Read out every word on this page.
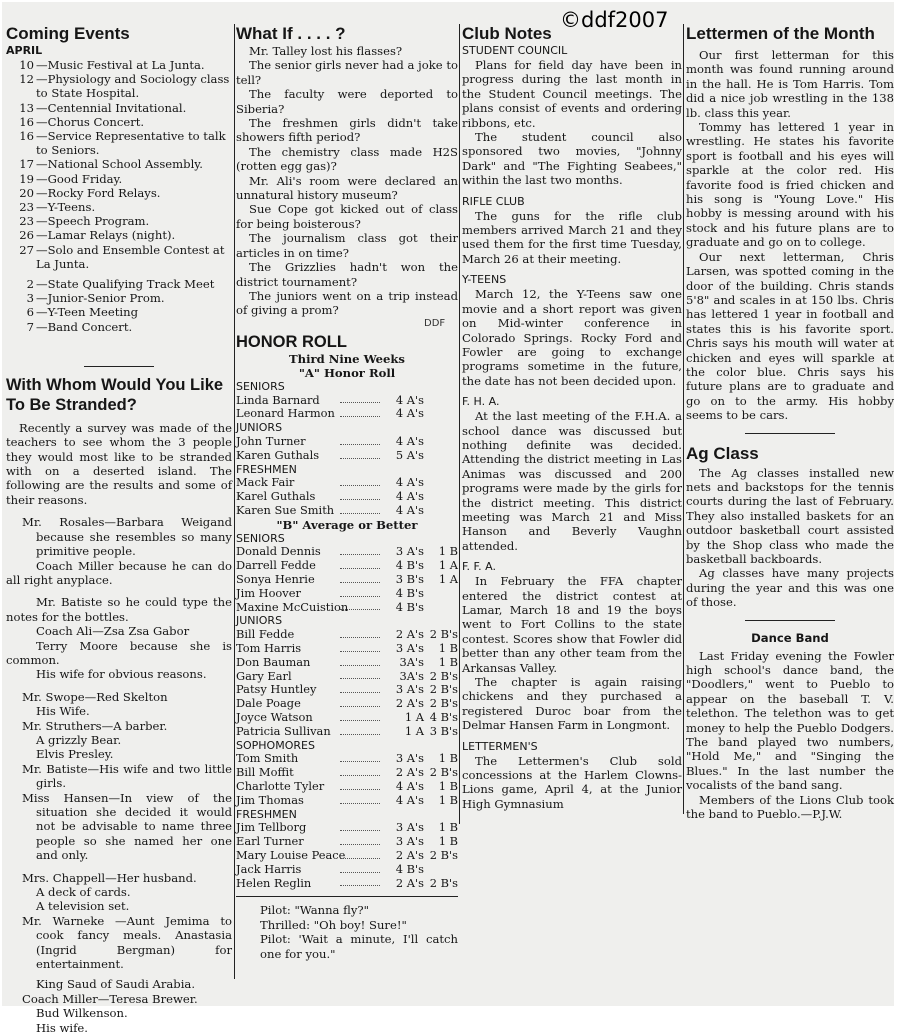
©ddf2007

Coming Events

APRIL

10 —Music Festival at La Junta.
12 —Physiology and Sociology class to State Hospital.
13 —Centennial Invitational.
16 —Chorus Concert.
16 —Service Representative to talk to Seniors.
17 —National School Assembly.
19 —Good Friday.
20 —Rocky Ford Relays.
23 —Y-Teens.
23 —Speech Program.
26 —Lamar Relays (night).
27 —Solo and Ensemble Contest at La Junta.
2 —State Qualifying Track Meet
3 —Junior-Senior Prom.
6 —Y-Teen Meeting
7 —Band Concert.

With Whom Would You Like To Be Stranded?

Recently a survey was made of the teachers to see whom the 3 people they would most like to be stranded with on a deserted island. The following are the results and some of their reasons.

Mr. Rosales—Barbara Weigand because she resembles so many primitive people.

Coach Miller because he can do all right anyplace.

Mr. Batiste so he could type the notes for the bottles.

Coach Ali—Zsa Zsa Gabor

Terry Moore because she is common.

His wife for obvious reasons.

Mr. Swope—Red Skelton

His Wife.

Mr. Struthers—A barber.

A grizzly Bear.

Elvis Presley.

Mr. Batiste—His wife and two little girls.

Miss Hansen—In view of the situation she decided it would not be advisable to name three people so she named her one and only.

Mrs. Chappell—Her husband.

A deck of cards.

A television set.

Mr. Warneke —Aunt Jemima to cook fancy meals. Anastasia (Ingrid Bergman) for entertainment.

King Saud of Saudi Arabia.

Coach Miller—Teresa Brewer.

Bud Wilkenson.

His wife.

What If . . . . ?

Mr. Talley lost his flasses?

The senior girls never had a joke to tell?

The faculty were deported to Siberia?

The freshmen girls didn't take showers fifth period?

The chemistry class made H2S (rotten egg gas)?

Mr. Ali's room were declared an unnatural history museum?

Sue Cope got kicked out of class for being boisterous?

The journalism class got their articles in on time?

The Grizzlies hadn't won the district tournament?

The juniors went on a trip instead of giving a prom?

DDF

HONOR ROLL

Third Nine Weeks

"A" Honor Roll

SENIORS

Linda Barnard	4 A's
Leonard Harmon	4 A's

JUNIORS

John Turner	4 A's
Karen Guthals	5 A's

FRESHMEN

Mack Fair	4 A's
Karel Guthals	4 A's
Karen Sue Smith	4 A's

"B" Average or Better

SENIORS

Donald Dennis	3 A's	1 B
Darrell Fedde	4 B's	1 A
Sonya Henrie	3 B's	1 A
Jim Hoover	4 B's
Maxine McCuistion	4 B's

JUNIORS

Bill Fedde	2 A's 2 B's
Tom Harris	3 A's	1 B
Don Bauman	3A's	1 B
Gary Earl	3A's 2 B's
Patsy Huntley	3 A's 2 B's
Dale Poage	2 A's 2 B's
Joyce Watson	1 A 4 B's
Patricia Sullivan	1 A 3 B's

SOPHOMORES

Tom Smith	3 A's	1 B
Bill Moffit	2 A's 2 B's
Charlotte Tyler	4 A's	1 B
Jim Thomas	4 A's	1 B

FRESHMEN

Jim Tellborg	3 A's	1 B
Earl Turner	3 A's	1 B
Mary Louise Peace	2 A's 2 B's
Jack Harris	4 B's
Helen Reglin	2 A's 2 B's

Pilot: "Wanna fly?"

Thrilled: "Oh boy! Sure!"

Pilot: 'Wait a minute, I'll catch one for you."

Club Notes

STUDENT COUNCIL

Plans for field day have been in progress during the last month in the Student Council meetings. The plans consist of events and ordering ribbons, etc.

The student council also sponsored two movies, "Johnny Dark" and "The Fighting Seabees," within the last two months.

RIFLE CLUB

The guns for the rifle club members arrived March 21 and they used them for the first time Tuesday, March 26 at their meeting.

Y-TEENS

March 12, the Y-Teens saw one movie and a short report was given on Mid-winter conference in Colorado Springs. Rocky Ford and Fowler are going to exchange programs sometime in the future, the date has not been decided upon.

F. H. A.

At the last meeting of the F.H.A. a school dance was discussed but nothing definite was decided. Attending the district meeting in Las Animas was discussed and 200 programs were made by the girls for the district meeting. This district meeting was March 21 and Miss Hanson and Beverly Vaughn attended.

F. F. A.

In February the FFA chapter entered the district contest at Lamar, March 18 and 19 the boys went to Fort Collins to the state contest. Scores show that Fowler did better than any other team from the Arkansas Valley.

The chapter is again raising chickens and they purchased a registered Duroc boar from the Delmar Hansen Farm in Longmont.

LETTERMEN'S

The Lettermen's Club sold concessions at the Harlem Clowns-Lions game, April 4, at the Junior High Gymnasium

Lettermen of the Month

Our first letterman for this month was found running around in the hall. He is Tom Harris. Tom did a nice job wrestling in the 138 lb. class this year.

Tommy has lettered 1 year in wrestling. He states his favorite sport is football and his eyes will sparkle at the color red. His favorite food is fried chicken and his song is "Young Love." His hobby is messing around with his stock and his future plans are to graduate and go on to college.

Our next letterman, Chris Larsen, was spotted coming in the door of the building. Chris stands 5'8" and scales in at 150 lbs. Chris has lettered 1 year in football and states this is his favorite sport. Chris says his mouth will water at chicken and eyes will sparkle at the color blue. Chris says his future plans are to graduate and go on to the army. His hobby seems to be cars.

Ag Class

The Ag classes installed new nets and backstops for the tennis courts during the last of February. They also installed baskets for an outdoor basketball court assisted by the Shop class who made the basketball backboards.

Ag classes have many projects during the year and this was one of those.

Dance Band

Last Friday evening the Fowler high school's dance band, the "Doodlers," went to Pueblo to appear on the baseball T. V. telethon. The telethon was to get money to help the Pueblo Dodgers. The band played two numbers, "Hold Me," and "Singing the Blues." In the last number the vocalists of the band sang.

Members of the Lions Club took the band to Pueblo.—P.J.W.
